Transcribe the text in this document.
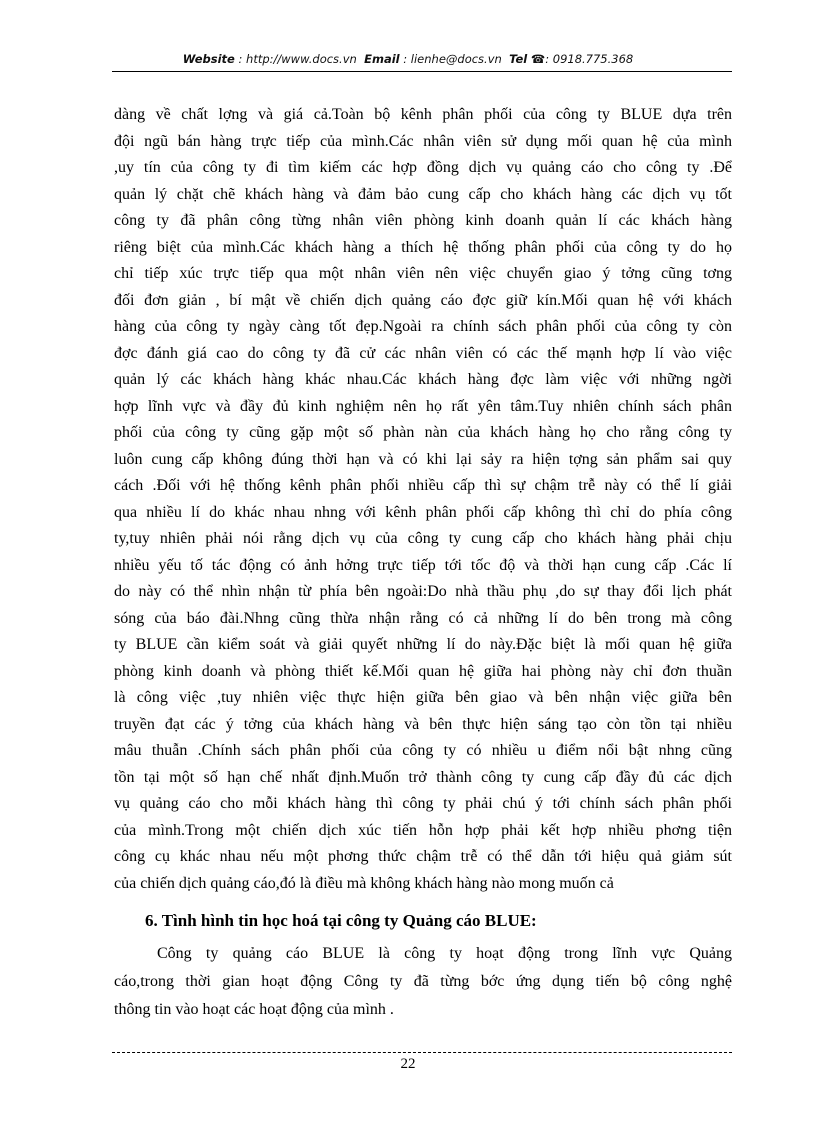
Website : http://www.docs.vn Email : lienhe@docs.vn Tel ☎: 0918.775.368
dàng về chất lợng và giá cả.Toàn bộ kênh phân phối của công ty BLUE dựa trên
đội ngũ bán hàng trực tiếp của mình.Các nhân viên sử dụng mối quan hệ của mình
,uy tín của công ty đi tìm kiếm các hợp đồng dịch vụ quảng cáo cho công ty .Để
quản lý chặt chẽ khách hàng và đảm bảo cung cấp cho khách hàng các dịch vụ tốt
công ty đã phân công từng nhân viên phòng kinh doanh quản lí các khách hàng
riêng biệt của mình.Các khách hàng a thích hệ thống phân phối của công ty do họ
chỉ tiếp xúc trực tiếp qua một nhân viên nên việc chuyển giao ý tởng cũng tơng
đối đơn giản , bí mật về chiến dịch quảng cáo đợc giữ kín.Mối quan hệ với khách
hàng của công ty ngày càng tốt đẹp.Ngoài ra chính sách phân phối của công ty còn
đợc đánh giá cao do công ty đã cử các nhân viên có các thế mạnh hợp lí vào việc
quản lý các khách hàng khác nhau.Các khách hàng đợc làm việc với những ngời
hợp lĩnh vực và đầy đủ kinh nghiệm nên họ rất yên tâm.Tuy nhiên chính sách phân
phối của công ty cũng gặp một số phàn nàn của khách hàng họ cho rằng công ty
luôn cung cấp không đúng thời hạn và có khi lại sảy ra hiện tợng sản phẩm sai quy
cách .Đối với hệ thống kênh phân phối nhiều cấp thì sự chậm trễ này có thể lí giải
qua nhiều lí do khác nhau nhng với kênh phân phối cấp không thì chỉ do phía công
ty,tuy nhiên phải nói rằng dịch vụ của công ty cung cấp cho khách hàng phải chịu
nhiều yếu tố tác động có ảnh hởng trực tiếp tới tốc độ và thời hạn cung cấp .Các lí
do này có thể nhìn nhận từ phía bên ngoài:Do nhà thầu phụ ,do sự thay đổi lịch phát
sóng của báo đài.Nhng cũng thừa nhận rằng có cả những lí do bên trong mà công
ty BLUE cần kiểm soát và giải quyết những lí do này.Đặc biệt là mối quan hệ giữa
phòng kinh doanh và phòng thiết kế.Mối quan hệ giữa hai phòng này chỉ đơn thuần
là công việc ,tuy nhiên việc thực hiện giữa bên giao và bên nhận việc giữa bên
truyền đạt các ý tởng của khách hàng và bên thực hiện sáng tạo còn tồn tại nhiều
mâu thuẫn .Chính sách phân phối của công ty có nhiều u điểm nổi bật nhng cũng
tồn tại một số hạn chế nhất định.Muốn trở thành công ty cung cấp đầy đủ các dịch
vụ quảng cáo cho mỗi khách hàng thì công ty phải chú ý tới chính sách phân phối
của mình.Trong một chiến dịch xúc tiến hỗn hợp phải kết hợp nhiều phơng tiện
công cụ khác nhau nếu một phơng thức chậm trễ có thể dẫn tới hiệu quả giảm sút
của chiến dịch quảng cáo,đó là điều mà không khách hàng nào mong muốn cả
6. Tình hình tin học hoá tại công ty Quảng cáo BLUE:
Công ty quảng cáo BLUE là công ty hoạt động trong lĩnh vực Quảng
cáo,trong thời gian hoạt động Công ty đã từng bớc ứng dụng tiến bộ công nghệ
thông tin vào hoạt các hoạt động của mình .
22
